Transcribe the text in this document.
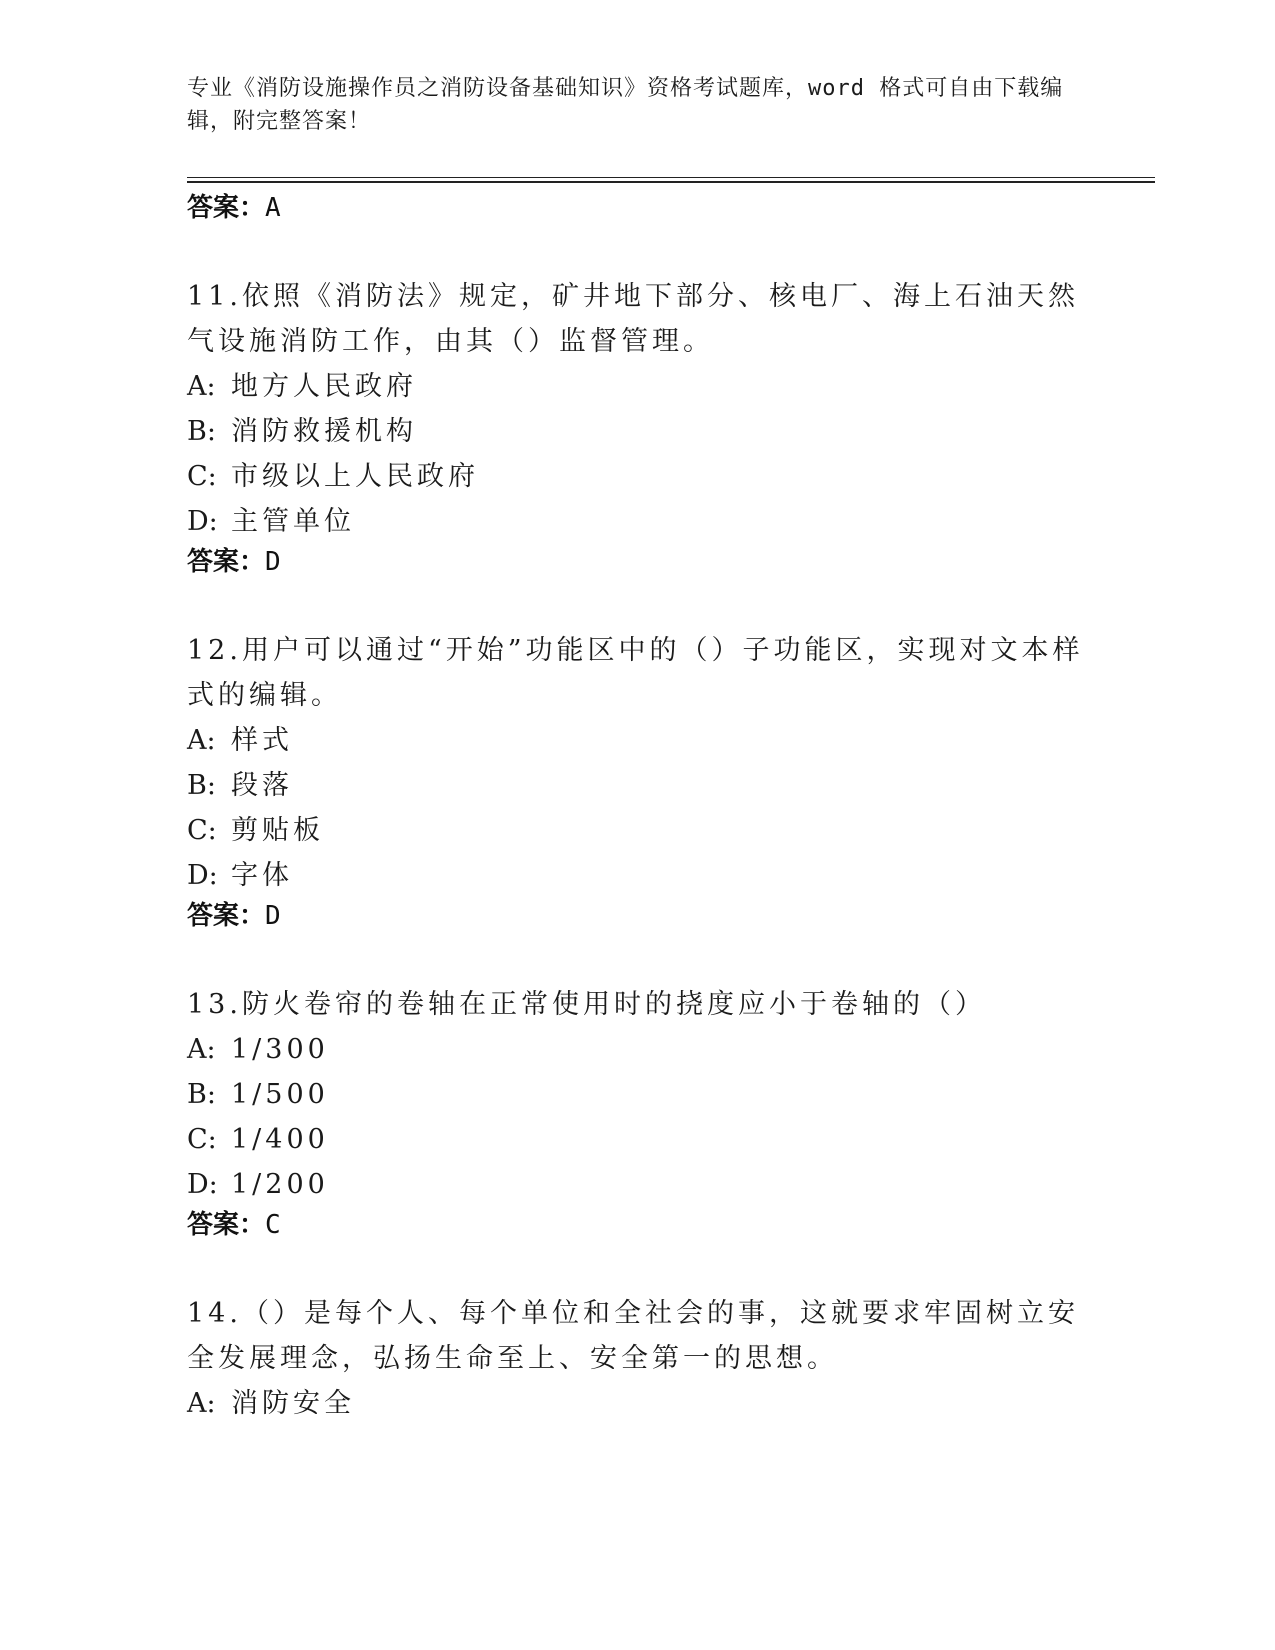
专业《消防设施操作员之消防设备基础知识》资格考试题库，word 格式可自由下载编辑，附完整答案！

答案：A

11.依照《消防法》规定，矿井地下部分、核电厂、海上石油天然气设施消防工作，由其（）监督管理。

A: 地方人民政府

B: 消防救援机构

C: 市级以上人民政府

D: 主管单位

答案：D

12.用户可以通过“开始”功能区中的（）子功能区，实现对文本样式的编辑。

A: 样式

B: 段落

C: 剪贴板

D: 字体

答案：D

13.防火卷帘的卷轴在正常使用时的挠度应小于卷轴的（）

A: 1/300

B: 1/500

C: 1/400

D: 1/200

答案：C

14.（）是每个人、每个单位和全社会的事，这就要求牢固树立安全发展理念，弘扬生命至上、安全第一的思想。

A: 消防安全
